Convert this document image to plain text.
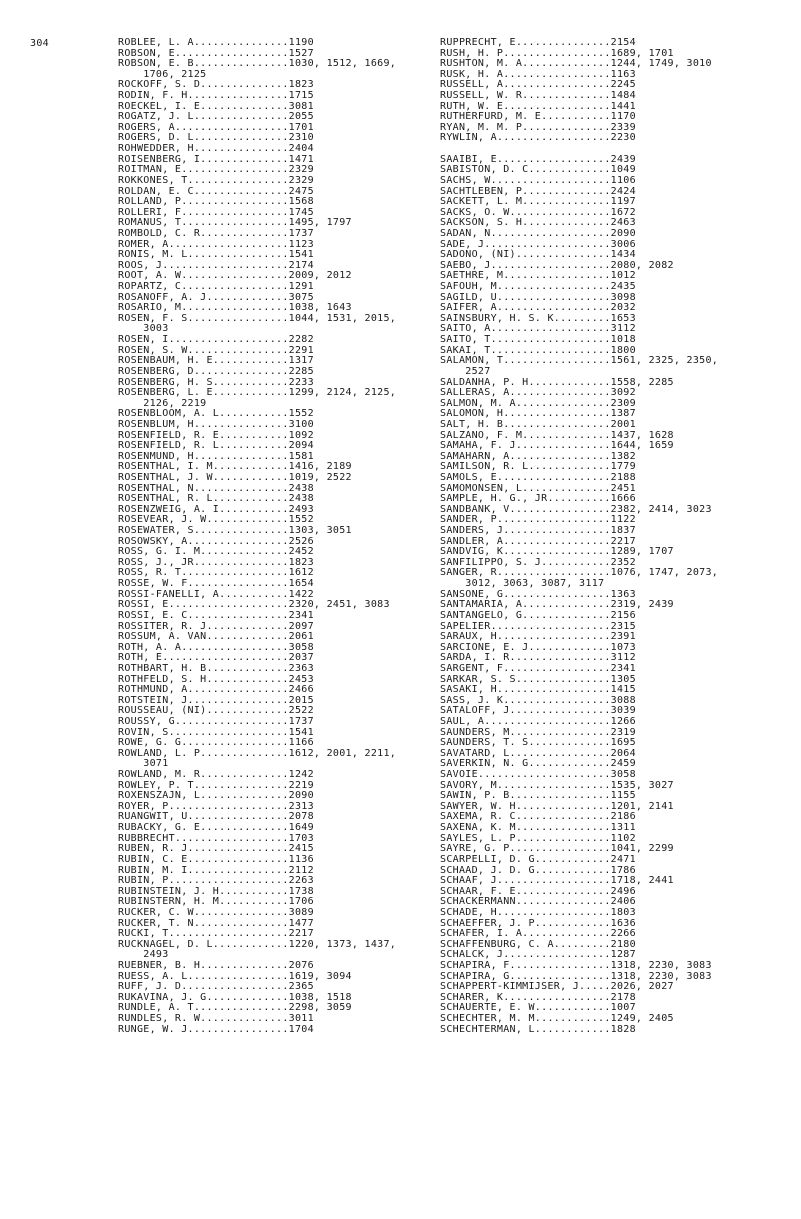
304	ROBLEE, L. A...............1190
ROBSON, E..................1527
ROBSON, E. B...............1030, 1512, 1669,
1706, 2125
ROCKOFF, S. D..............1823
RODIN, F. H................1715
ROECKEL, I. E..............3081
ROGATZ, J. L...............2055
ROGERS, A..................1701
ROGERS, D. L...............2310
ROHWEDDER, H...............2404
ROISENBERG, I..............1471
ROITMAN, E.................2329
ROKKONES, T................2329
ROLDAN, E. C...............2475
ROLLAND, P.................1568
ROLLERI, F.................1745
ROMANUS, T.................1495, 1797
ROMBOLD, C. R..............1737
ROMER, A...................1123
RONIS, M. L................1541
ROOS, J....................2174
ROOT, A. W.................2009, 2012
ROPARTZ, C.................1291
ROSANOFF, A. J.............3075
ROSARIO, M.................1038, 1643
ROSEN, F. S................1044, 1531, 2015,
3003
ROSEN, I...................2282
ROSEN, S. W................2291
ROSENBAUM, H. E............1317
ROSENBERG, D...............2285
ROSENBERG, H. S............2233
ROSENBERG, L. E............1299, 2124, 2125,
2126, 2219
ROSENBLOOM, A. L...........1552
ROSENBLUM, H...............3100
ROSENFIELD, R. E...........1092
ROSENFIELD, R. L...........2094
ROSENMUND, H...............1581
ROSENTHAL, I. M............1416, 2189
ROSENTHAL, J. W............1019, 2522
ROSENTHAL, N...............2438
ROSENTHAL, R. L............2438
ROSENZWEIG, A. I...........2493
ROSEVEAR, J. W.............1552
ROSEWATER, S...............1303, 3051
ROSOWSKY, A................2526
ROSS, G. I. M..............2452
ROSS, J., JR...............1823
ROSS, R. T.................1612
ROSSE, W. F................1654
ROSSI-FANELLI, A...........1422
ROSSI, E...................2320, 2451, 3083
ROSSI, E. C................2341
ROSSITER, R. J.............2097
ROSSUM, A. VAN.............2061
ROTH, A. A.................3058
ROTH, E....................2037
ROTHBART, H. B.............2363
ROTHFELD, S. H.............2453
ROTHMUND, A................2466
ROTSTEIN, J................2015
ROUSSEAU, (NI).............2522
ROUSSY, G..................1737
ROVIN, S...................1541
ROWE, G. G.................1166
ROWLAND, L. P..............1612, 2001, 2211,
3071
ROWLAND, M. R..............1242
ROWLEY, P. T...............2219
ROXENSZAJN, L..............2090
ROYER, P...................2313
RUANGWIT, U................2078
RUBACKY, G. E..............1649
RUBBRECHT..................1703
RUBEN, R. J................2415
RUBIN, C. E................1136
RUBIN, M. I................2112
RUBIN, P...................2263
RUBINSTEIN, J. H...........1738
RUBINSTERN, H. M...........1706
RUCKER, C. W...............3089
RUCKER, T. N...............1477
RUCKI, T...................2217
RUCKNAGEL, D. L............1220, 1373, 1437,
2493
RUEBNER, B. H..............2076
RUESS, A. L................1619, 3094
RUFF, J. D.................2365
RUKAVINA, J. G.............1038, 1518
RUNDLE, A. T...............2298, 3059
RUNDLES, R. W..............3011
RUNGE, W. J................1704
RUPPRECHT, E...............2154
RUSH, H. P.................1689, 1701
RUSHTON, M. A..............1244, 1749, 3010
RUSK, H. A.................1163
RUSSELL, A.................2245
RUSSELL, W. R..............1484
RUTH, W. E.................1441
RUTHERFURD, M. E...........1170
RYAN, M. M. P..............2339
RYWLIN, A..................2230

SAAIBI, E..................2439
SABISTON, D. C.............1049
SACHS, W...................1106
SACHTLEBEN, P..............2424
SACKETT, L. M..............1197
SACKS, O. W................1672
SACKSON, S. H..............2463
SADAN, N...................2090
SADE, J....................3006
SADONO, (NI)...............1434
SAEBO, J...................2080, 2082
SAETHRE, M.................1012
SAFOUH, M..................2435
SAGILD, U..................3098
SAIFER, A..................2032
SAINSBURY, H. S. K.........1653
SAITO, A...................3112
SAITO, T...................1018
SAKAI, T...................1800
SALAMON, T.................1561, 2325, 2350,
2527
SALDANHA, P. H.............1558, 2285
SALLERAS, A................3092
SALMON, M. A...............2309
SALOMON, H.................1387
SALT, H. B.................2001
SALZANO, F. M..............1437, 1628
SAMAHA, F. J...............1644, 1659
SAMAHARN, A................1382
SAMILSON, R. L.............1779
SAMOLS, E..................2188
SAMOMONSEN, L..............2451
SAMPLE, H. G., JR..........1666
SANDBANK, V................2382, 2414, 3023
SANDER, P..................1122
SANDERS, J.................1837
SANDLER, A.................2217
SANDVIG, K.................1289, 1707
SANFILIPPO, S. J...........2352
SANGER, R..................1076, 1747, 2073,
3012, 3063, 3087, 3117
SANSONE, G.................1363
SANTAMARIA, A..............2319, 2439
SANTANGELO, G..............2156
SAPELIER...................2315
SARAUX, H..................2391
SARCIONE, E. J.............1073
SARDA, I. R................3112
SARGENT, F.................2341
SARKAR, S. S...............1305
SASAKI, H..................1415
SASS, J. K.................3088
SATALOFF, J................3039
SAUL, A....................1266
SAUNDERS, M................2319
SAUNDERS, T. S.............1695
SAVATARD, L................2064
SAVERKIN, N. G.............2459
SAVOIE.....................3058
SAVORY, M..................1535, 3027
SAWIN, P. B................1155
SAWYER, W. H...............1201, 2141
SAXEMA, R. C...............2186
SAXENA, K. M...............1311
SAYLES, L. P...............1102
SAYRE, G. P................1041, 2299
SCARPELLI, D. G............2471
SCHAAD, J. D. G............1786
SCHAAF, J..................1718, 2441
SCHAAR, F. E...............2496
SCHACKERMANN...............2406
SCHADE, H..................1803
SCHAEFFER, J. P............1636
SCHAFER, I. A..............2266
SCHAFFENBURG, C. A.........2180
SCHALCK, J.................1287
SCHAPIRA, F................1318, 2230, 3083
SCHAPIRA, G................1318, 2230, 3083
SCHAPPERT-KIMMIJSER, J.....2026, 2027
SCHARER, K.................2178
SCHAUERTE, E. W............1007
SCHECHTER, M. M............1249, 2405
SCHECHTERMAN, L............1828
